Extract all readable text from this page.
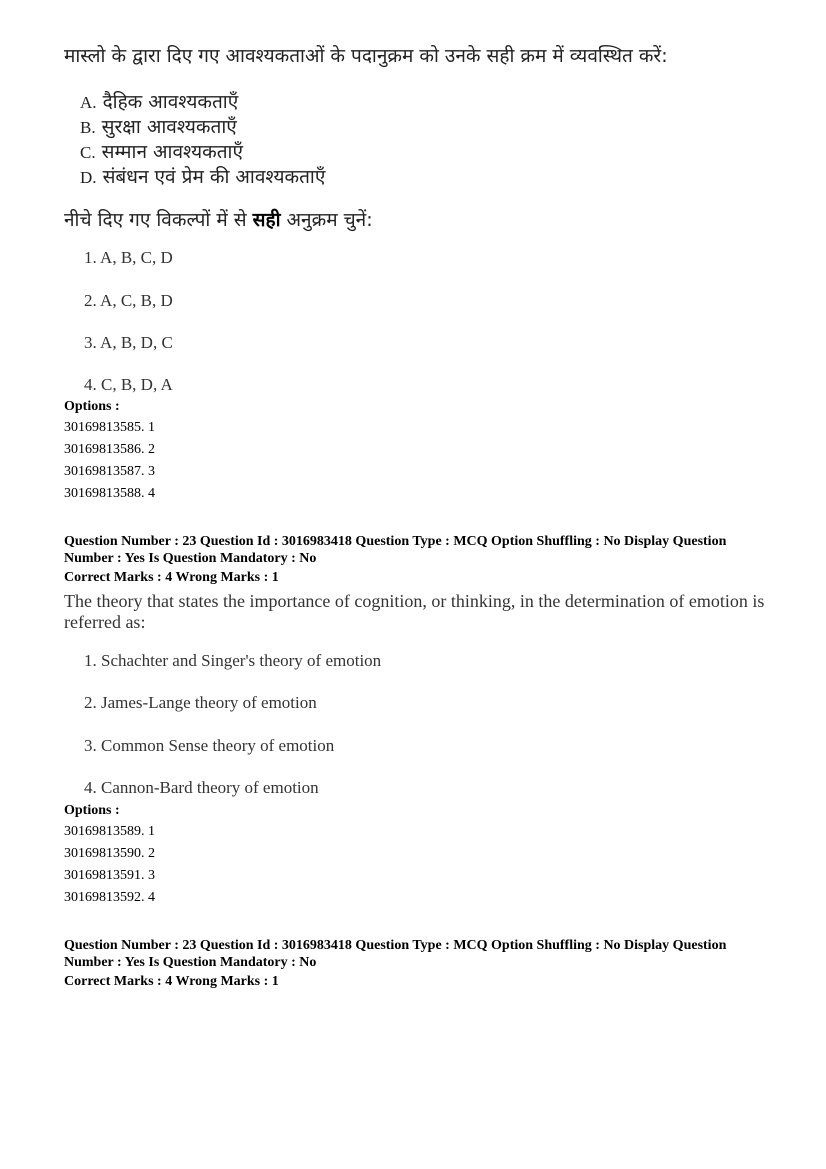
मास्लो के द्वारा दिए गए आवश्यकताओं के पदानुक्रम को उनके सही क्रम में व्यवस्थित करें:
A. दैहिक आवश्यकताएँ
B. सुरक्षा आवश्यकताएँ
C. सम्मान आवश्यकताएँ
D. संबंधन एवं प्रेम की आवश्यकताएँ
नीचे दिए गए विकल्पों में से सही अनुक्रम चुनें:
1. A, B, C, D
2. A, C, B, D
3. A, B, D, C
4. C, B, D, A
Options :
30169813585. 1
30169813586. 2
30169813587. 3
30169813588. 4
Question Number : 23 Question Id : 3016983418 Question Type : MCQ Option Shuffling : No Display Question
Number : Yes Is Question Mandatory : No
Correct Marks : 4 Wrong Marks : 1
The theory that states the importance of cognition, or thinking, in the determination of emotion is
referred as:
1. Schachter and Singer's theory of emotion
2. James-Lange theory of emotion
3. Common Sense theory of emotion
4. Cannon-Bard theory of emotion
Options :
30169813589. 1
30169813590. 2
30169813591. 3
30169813592. 4
Question Number : 23 Question Id : 3016983418 Question Type : MCQ Option Shuffling : No Display Question
Number : Yes Is Question Mandatory : No
Correct Marks : 4 Wrong Marks : 1
